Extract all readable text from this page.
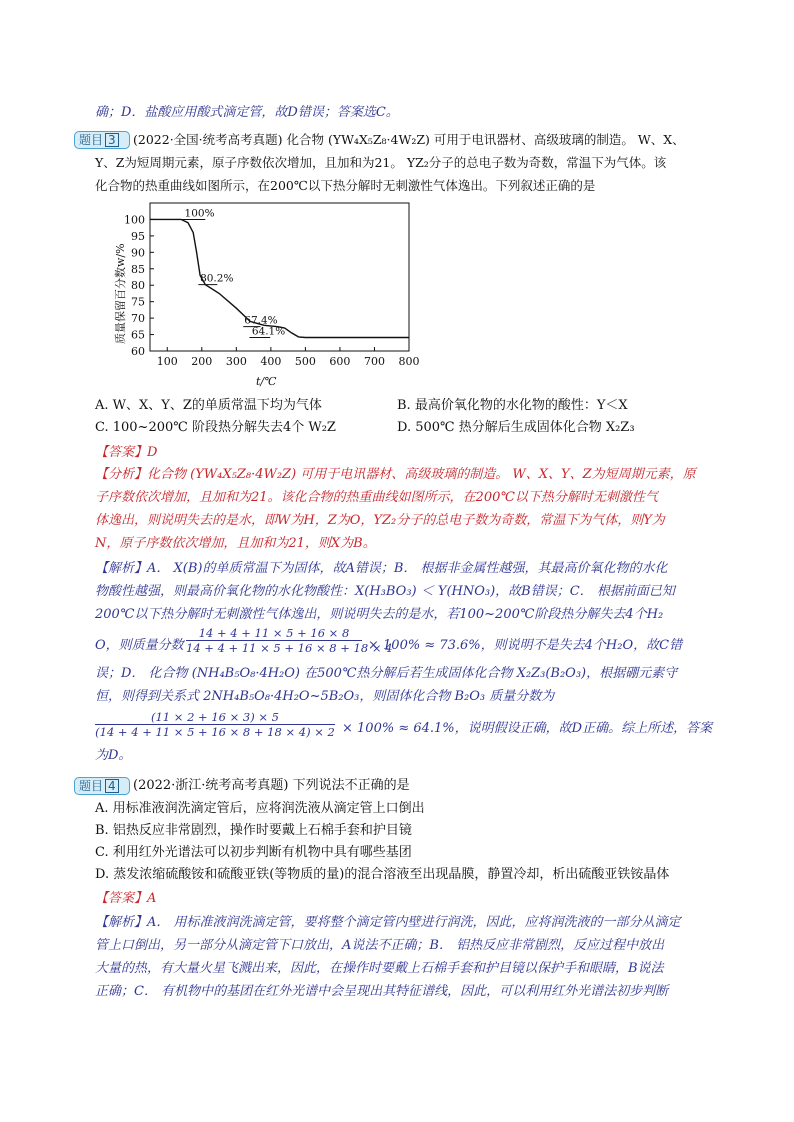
确；D．盐酸应用酸式滴定管，故D错误；答案选C。
题目 3	(2022·全国·统考高考真题) 化合物 (YW₄X₅Z₈·4W₂Z) 可用于电讯器材、高级玻璃的制造。 W、X、
Y、Z为短周期元素，原子序数依次增加，且加和为21。 YZ₂分子的总电子数为奇数，常温下为气体。该
化合物的热重曲线如图所示，在200℃以下热分解时无刺激性气体逸出。下列叙述正确的是
100 200 300 400 500 600 700 800
60
65
70
75
80
85
90
95
100	100%
80.2%
67.4%
64.1%
质量保留百分数w/%
t/℃
A. W、X、Y、Z的单质常温下均为气体	B. 最高价氧化物的水化物的酸性：Y＜X
C. 100~200℃ 阶段热分解失去4个 W₂Z	D. 500℃ 热分解后生成固体化合物 X₂Z₃
【答案】D
【分析】化合物 (YW₄X₅Z₈·4W₂Z) 可用于电讯器材、高级玻璃的制造。 W、X、Y、Z为短周期元素，原
子序数依次增加，且加和为21。该化合物的热重曲线如图所示，在200℃以下热分解时无刺激性气
体逸出，则说明失去的是水，即W为H，Z为O，YZ₂分子的总电子数为奇数，常温下为气体，则Y为
N，原子序数依次增加，且加和为21，则X为B。
【解析】A． X(B)的单质常温下为固体，故A错误；B． 根据非金属性越强，其最高价氧化物的水化
物酸性越强，则最高价氧化物的水化物酸性：X(H₃BO₃) ＜ Y(HNO₃)，故B错误；C． 根据前面已知
200℃以下热分解时无刺激性气体逸出，则说明失去的是水，若100~200℃阶段热分解失去4个H₂
O，则质量分数 $\frac{14 + 4 + 11 \times 5 + 16 \times 8}{14 + 4 + 11 \times 5 + 16 \times 8 + 18 \times 4} \times 100\% \approx 73.6\%$，则说明不是失去4个H₂O，故C错
误；D． 化合物 (NH₄B₅O₈·4H₂O) 在500℃热分解后若生成固体化合物 X₂Z₃(B₂O₃)，根据硼元素守
恒，则得到关系式 2NH₄B₅O₈·4H₂O~5B₂O₃，则固体化合物 B₂O₃ 质量分数为
$\frac{(11 \times 2 + 16 \times 3) \times 5}{(14 + 4 + 11 \times 5 + 16 \times 8 + 18 \times 4) \times 2} \times 100\% \approx 64.1\%$，说明假设正确，故D正确。综上所述，答案
为D。
题目 4	(2022·浙江·统考高考真题) 下列说法不正确的是
A. 用标准液润洗滴定管后，应将润洗液从滴定管上口倒出
B. 铝热反应非常剧烈，操作时要戴上石棉手套和护目镜
C. 利用红外光谱法可以初步判断有机物中具有哪些基团
D. 蒸发浓缩硫酸铵和硫酸亚铁(等物质的量)的混合溶液至出现晶膜，静置冷却，析出硫酸亚铁铵晶体
【答案】A
【解析】A． 用标准液润洗滴定管，要将整个滴定管内壁进行润洗，因此，应将润洗液的一部分从滴定
管上口倒出，另一部分从滴定管下口放出，A说法不正确；B． 铝热反应非常剧烈，反应过程中放出
大量的热，有大量火星飞溅出来，因此，在操作时要戴上石棉手套和护目镜以保护手和眼睛，B说法
正确；C． 有机物中的基团在红外光谱中会呈现出其特征谱线，因此，可以利用红外光谱法初步判断
